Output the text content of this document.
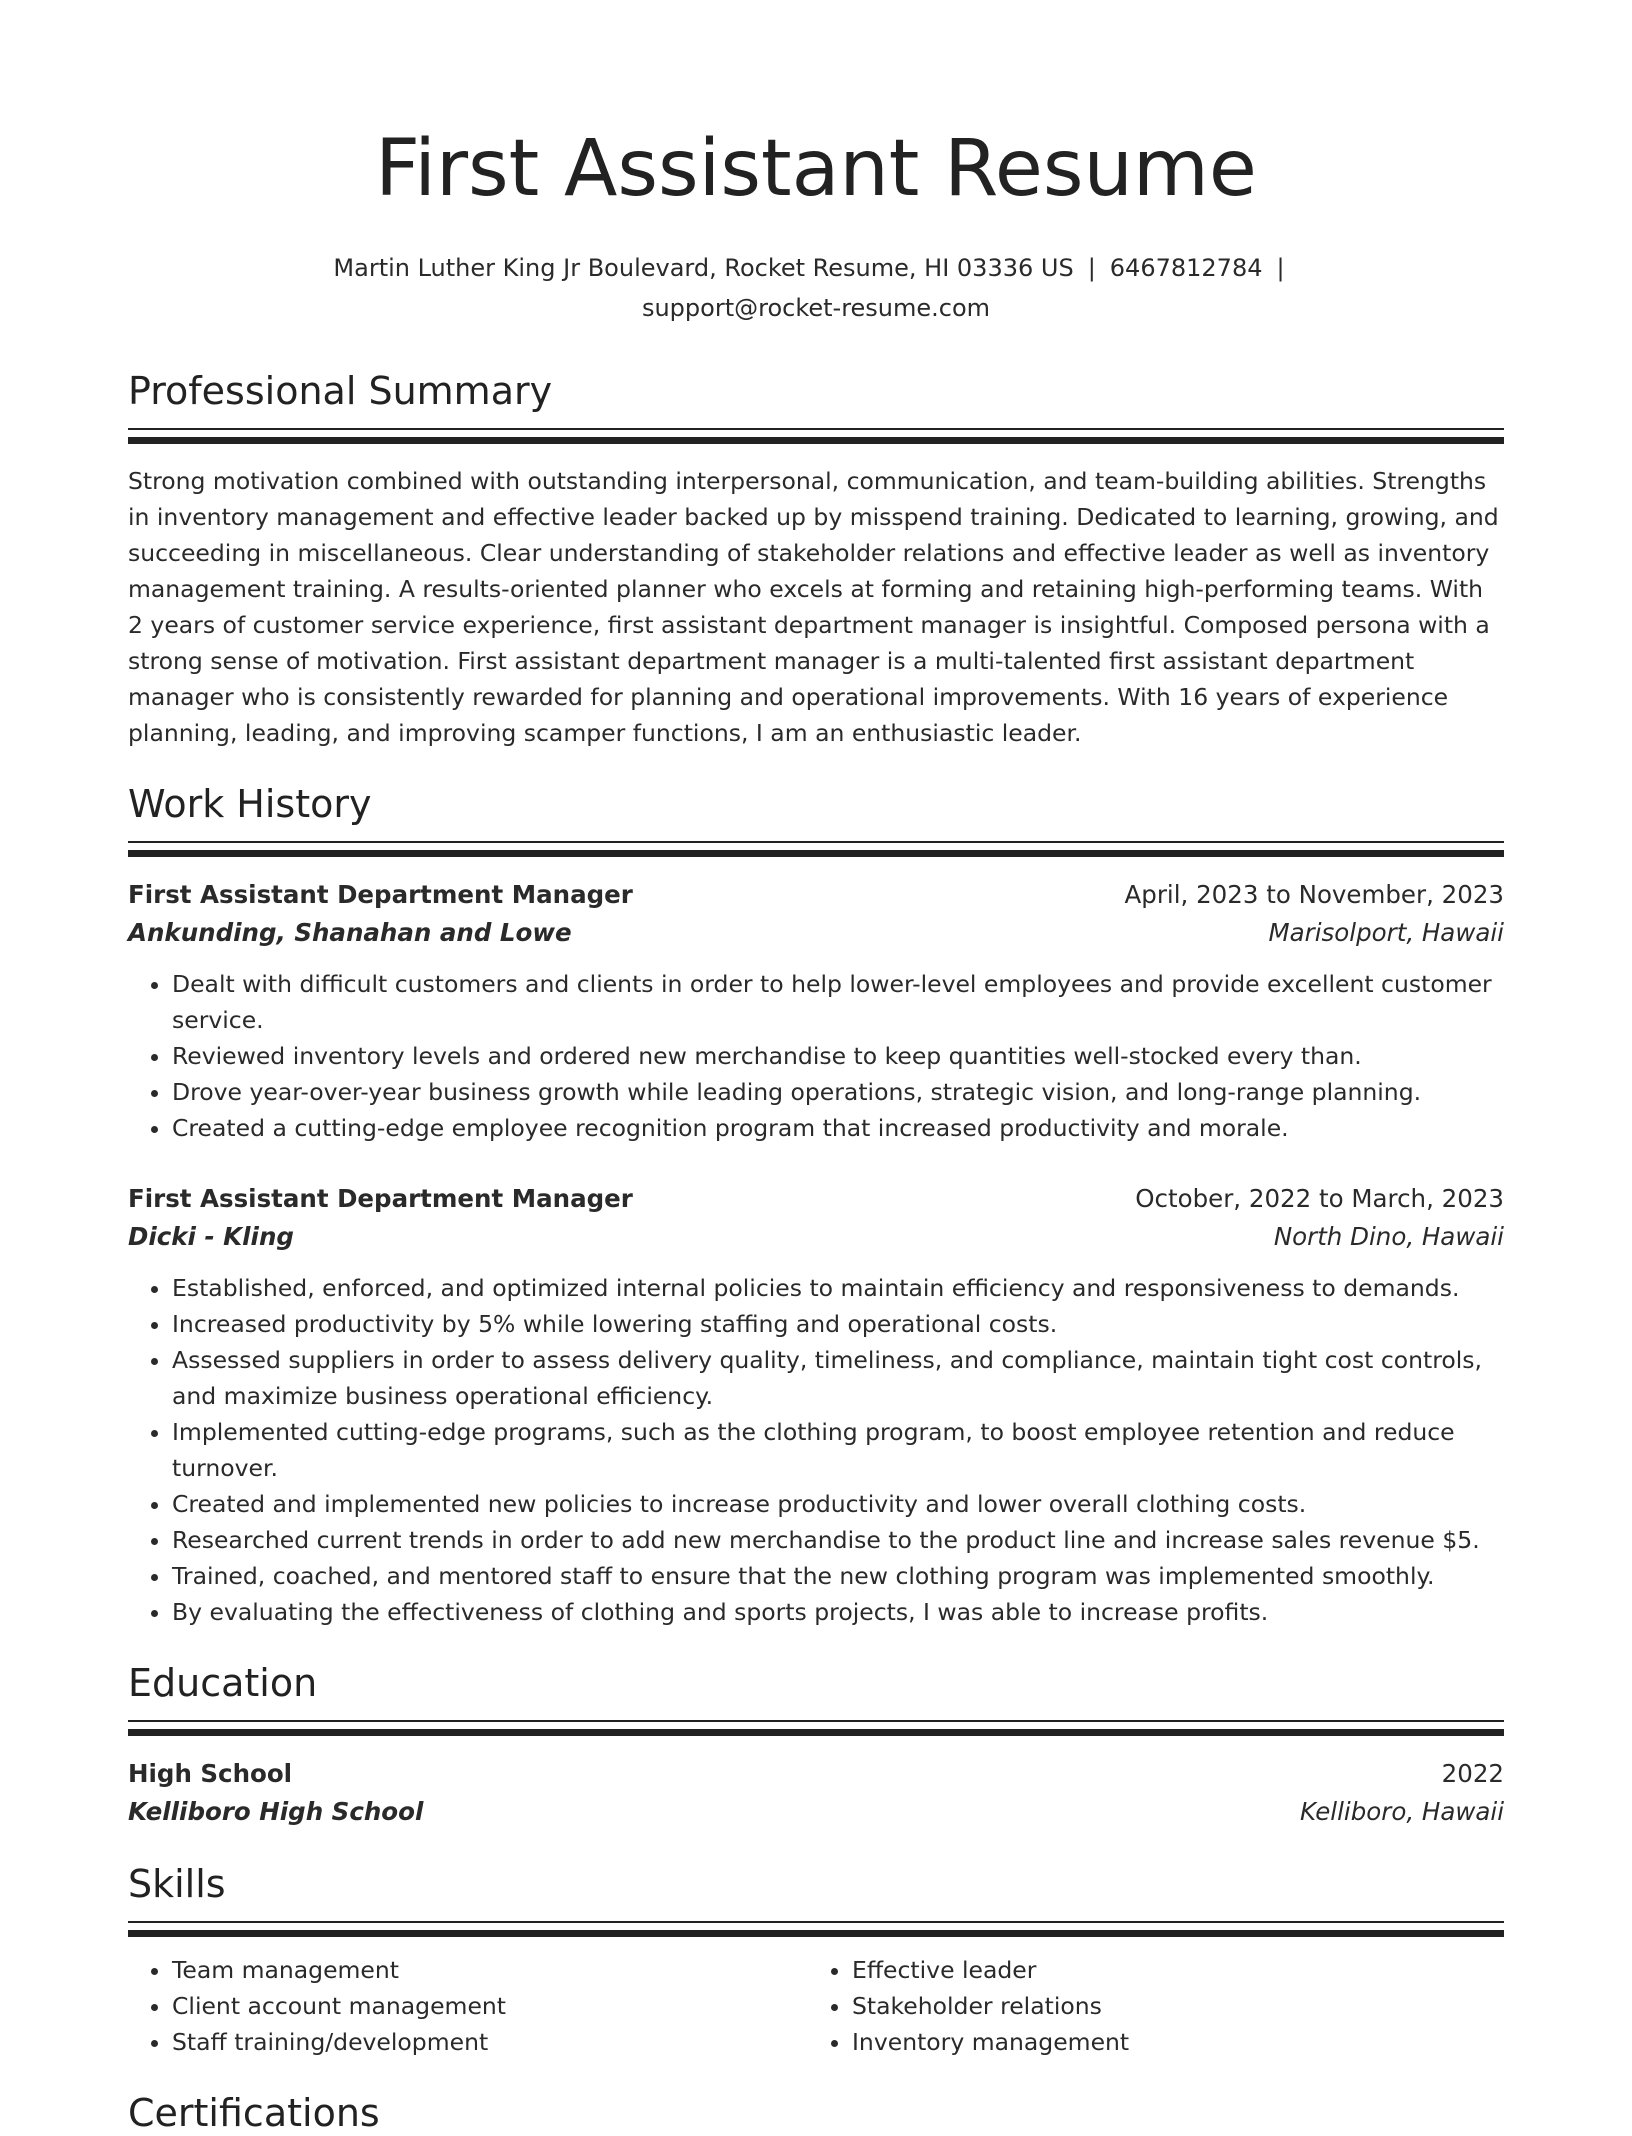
First Assistant Resume
Martin Luther King Jr Boulevard, Rocket Resume, HI 03336 US | 6467812784 |
support@rocket-resume.com
Professional Summary
Strong motivation combined with outstanding interpersonal, communication, and team-building abilities. Strengths in inventory management and effective leader backed up by misspend training. Dedicated to learning, growing, and succeeding in miscellaneous. Clear understanding of stakeholder relations and effective leader as well as inventory management training. A results-oriented planner who excels at forming and retaining high-performing teams. With 2 years of customer service experience, first assistant department manager is insightful. Composed persona with a strong sense of motivation. First assistant department manager is a multi-talented first assistant department manager who is consistently rewarded for planning and operational improvements. With 16 years of experience planning, leading, and improving scamper functions, I am an enthusiastic leader.
Work History
First Assistant Department Manager	April, 2023 to November, 2023
Ankunding, Shanahan and Lowe	Marisolport, Hawaii
• Dealt with difficult customers and clients in order to help lower-level employees and provide excellent customer service.
• Reviewed inventory levels and ordered new merchandise to keep quantities well-stocked every than.
• Drove year-over-year business growth while leading operations, strategic vision, and long-range planning.
• Created a cutting-edge employee recognition program that increased productivity and morale.
First Assistant Department Manager	October, 2022 to March, 2023
Dicki - Kling	North Dino, Hawaii
• Established, enforced, and optimized internal policies to maintain efficiency and responsiveness to demands.
• Increased productivity by 5% while lowering staffing and operational costs.
• Assessed suppliers in order to assess delivery quality, timeliness, and compliance, maintain tight cost controls, and maximize business operational efficiency.
• Implemented cutting-edge programs, such as the clothing program, to boost employee retention and reduce turnover.
• Created and implemented new policies to increase productivity and lower overall clothing costs.
• Researched current trends in order to add new merchandise to the product line and increase sales revenue $5.
• Trained, coached, and mentored staff to ensure that the new clothing program was implemented smoothly.
• By evaluating the effectiveness of clothing and sports projects, I was able to increase profits.
Education
High School	2022
Kelliboro High School	Kelliboro, Hawaii
Skills
• Team management
• Client account management
• Staff training/development
• Effective leader
• Stakeholder relations
• Inventory management
Certifications
